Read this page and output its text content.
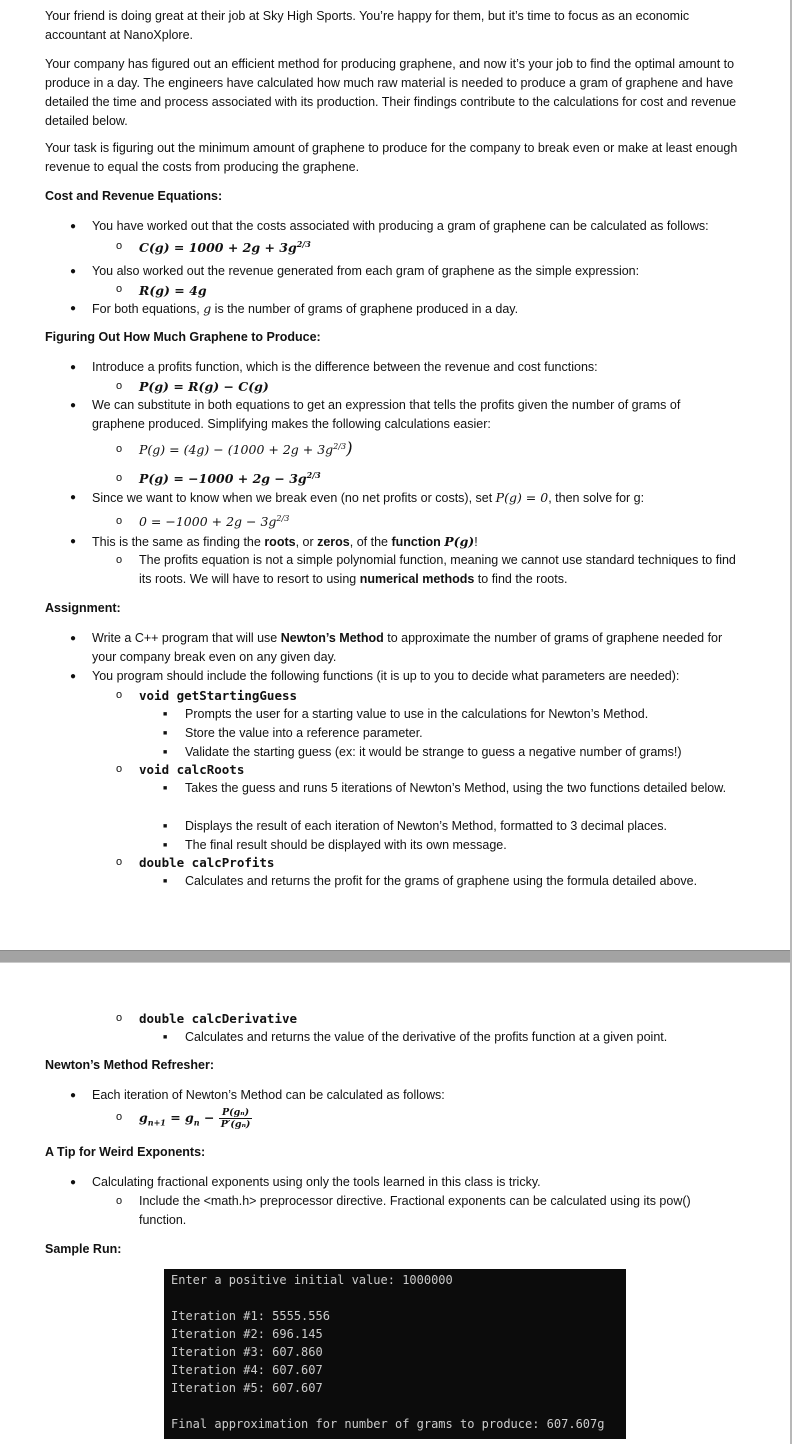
Your friend is doing great at their job at Sky High Sports. You’re happy for them, but it’s time to focus as an economic accountant at NanoXplore.

Your company has figured out an efficient method for producing graphene, and now it’s your job to find the optimal amount to produce in a day. The engineers have calculated how much raw material is needed to produce a gram of graphene and have detailed the time and process associated with its production. Their findings contribute to the calculations for cost and revenue detailed below.

Your task is figuring out the minimum amount of graphene to produce for the company to break even or make at least enough revenue to equal the costs from producing the graphene.

Cost and Revenue Equations:
● You have worked out that the costs associated with producing a gram of graphene can be calculated as follows:
o $C(g) = 1000 + 2g + 3g^{2/3}$
● You also worked out the revenue generated from each gram of graphene as the simple expression:
o R(g) = 4g
● For both equations, g is the number of grams of graphene produced in a day.
Figuring Out How Much Graphene to Produce:
● Introduce a profits function, which is the difference between the revenue and cost functions:
o P(g) = R(g) − C(g)
● We can substitute in both equations to get an expression that tells the profits given the number of grams of graphene produced. Simplifying makes the following calculations easier:
o $P(g) = (4g) - (1000 + 2g + 3g^{2/3})$
o $P(g) = -1000 + 2g - 3g^{2/3}$
● Since we want to know when we break even (no net profits or costs), set P(g) = 0, then solve for g:
o $0 = -1000 + 2g - 3g^{2/3}$
● This is the same as finding the roots, or zeros, of the function P(g)!
o The profits equation is not a simple polynomial function, meaning we cannot use standard techniques to find its roots. We will have to resort to using numerical methods to find the roots.
Assignment:
● Write a C++ program that will use Newton’s Method to approximate the number of grams of graphene needed for your company break even on any given day.
● You program should include the following functions (it is up to you to decide what parameters are needed):
o void getStartingGuess
■ Prompts the user for a starting value to use in the calculations for Newton’s Method.
■ Store the value into a reference parameter.
■ Validate the starting guess (ex: it would be strange to guess a negative number of grams!)
o void calcRoots
■ Takes the guess and runs 5 iterations of Newton’s Method, using the two functions detailed below.
■ Displays the result of each iteration of Newton’s Method, formatted to 3 decimal places.
■ The final result should be displayed with its own message.
o double calcProfits
■ Calculates and returns the profit for the grams of graphene using the formula detailed above.
o double calcDerivative
■ Calculates and returns the value of the derivative of the profits function at a given point.
Newton’s Method Refresher:
● Each iteration of Newton’s Method can be calculated as follows:
o $g_{n+1} = g_n - \frac{\text{P(gₙ)}}{\text{P′(gₙ)}}$
A Tip for Weird Exponents:
● Calculating fractional exponents using only the tools learned in this class is tricky.
o Include the <math.h> preprocessor directive. Fractional exponents can be calculated using its pow() function.
Sample Run:
Enter a positive initial value: 1000000
Iteration #1: 5555.556
Iteration #2: 696.145
Iteration #3: 607.860
Iteration #4: 607.607
Iteration #5: 607.607
Final approximation for number of grams to produce: 607.607g
